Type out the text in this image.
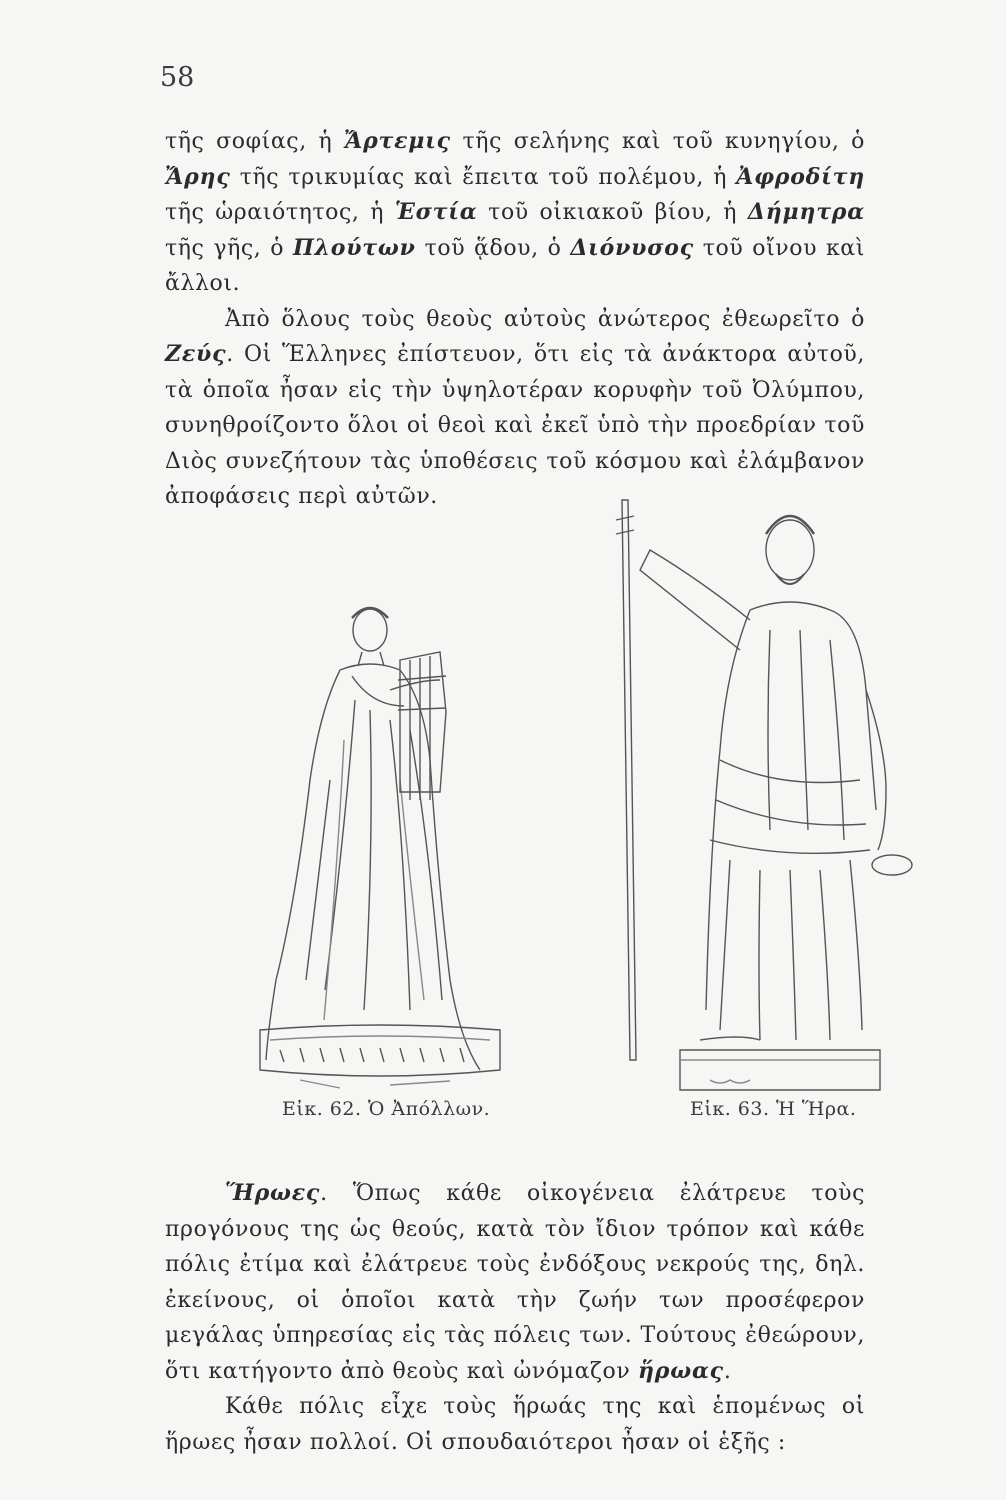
58

τῆς σοφίας, ἡ Ἄρτεμις τῆς σελήνης καὶ τοῦ κυνηγίου, ὁ Ἄρης τῆς τρικυμίας καὶ ἔπειτα τοῦ πολέμου, ἡ Ἀφροδίτη τῆς ὡραιότητος, ἡ Ἑστία τοῦ οἰκιακοῦ βίου, ἡ Δήμητρα τῆς γῆς, ὁ Πλούτων τοῦ ᾅδου, ὁ Διόνυσος τοῦ οἴνου καὶ ἄλλοι.

Ἀπὸ ὅλους τοὺς θεοὺς αὐτοὺς ἀνώτερος ἐθεωρεῖτο ὁ Ζεύς. Οἱ Ἕλληνες ἐπίστευον, ὅτι εἰς τὰ ἀνάκτορα αὐτοῦ, τὰ ὁποῖα ἦσαν εἰς τὴν ὑψηλοτέραν κορυφὴν τοῦ Ὀλύμπου, συνηθροίζοντο ὅλοι οἱ θεοὶ καὶ ἐκεῖ ὑπὸ τὴν προεδρίαν τοῦ Διὸς συνεζήτουν τὰς ὑποθέσεις τοῦ κόσμου καὶ ἐλάμβανον ἀποφάσεις περὶ αὐτῶν.

Εἰκ. 62. Ὁ Ἀπόλλων.	Εἰκ. 63. Ἡ Ἥρα.

Ἥρωες. Ὅπως κάθε οἰκογένεια ἐλάτρευε τοὺς προγόνους της ὡς θεούς, κατὰ τὸν ἴδιον τρόπον καὶ κάθε πόλις ἐτίμα καὶ ἐλάτρευε τοὺς ἐνδόξους νεκρούς της, δηλ. ἐκείνους, οἱ ὁποῖοι κατὰ τὴν ζωήν των προσέφερον μεγάλας ὑπηρεσίας εἰς τὰς πόλεις των. Τούτους ἐθεώρουν, ὅτι κατήγοντο ἀπὸ θεοὺς καὶ ὠνόμαζον ἥρωας.

Κάθε πόλις εἶχε τοὺς ἥρωάς της καὶ ἑπομένως οἱ ἥρωες ἦσαν πολλοί. Οἱ σπουδαιότεροι ἦσαν οἱ ἑξῆς :
